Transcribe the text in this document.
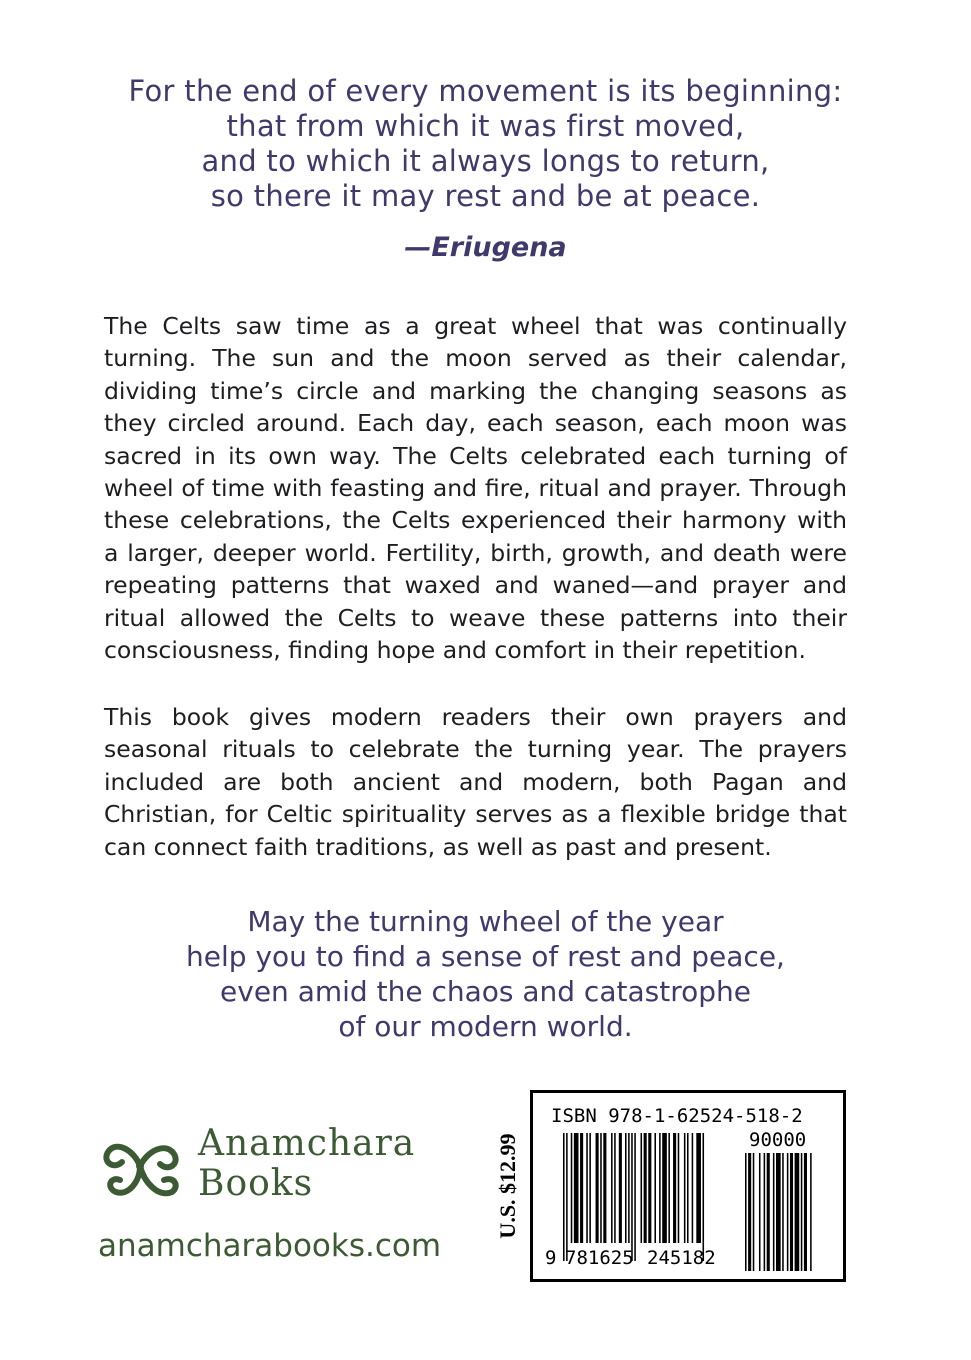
For the end of every movement is its beginning:
that from which it was first moved,
and to which it always longs to return,
so there it may rest and be at peace.
—Eriugena

The Celts saw time as a great wheel that was continually turning. The sun and the moon served as their calendar, dividing time’s circle and marking the changing seasons as they circled around. Each day, each season, each moon was sacred in its own way. The Celts celebrated each turning of wheel of time with feasting and fire, ritual and prayer. Through these celebrations, the Celts experienced their harmony with a larger, deeper world. Fertility, birth, growth, and death were repeating patterns that waxed and waned—and prayer and ritual allowed the Celts to weave these patterns into their consciousness, finding hope and comfort in their repetition.

This book gives modern readers their own prayers and seasonal rituals to celebrate the turning year. The prayers included are both ancient and modern, both Pagan and Christian, for Celtic spirituality serves as a flexible bridge that can connect faith traditions, as well as past and present.

May the turning wheel of the year
help you to find a sense of rest and peace,
even amid the chaos and catastrophe
of our modern world.
Anamchara
Books
anamcharabooks.com
U.S. $12.99
ISBN 978-1-62524-518-2
90000
9 781625 245182
